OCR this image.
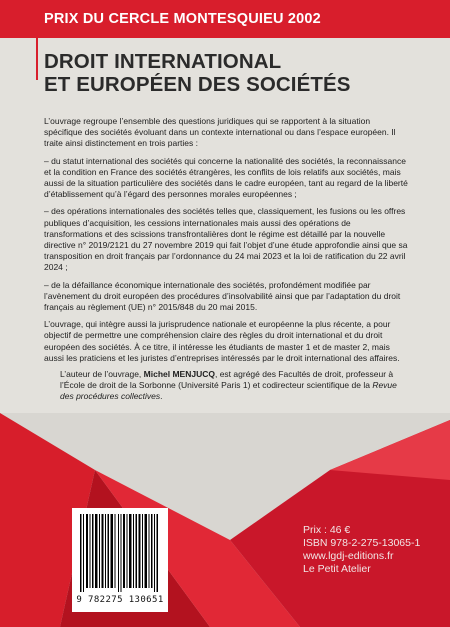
PRIX DU CERCLE MONTESQUIEU 2002
DROIT INTERNATIONAL
ET EUROPÉEN DES SOCIÉTÉS

L’ouvrage regroupe l’ensemble des questions juridiques qui se rapportent à la situation spécifique des sociétés évoluant dans un contexte international ou dans l’espace européen. Il traite ainsi distinctement en trois parties :

– du statut international des sociétés qui concerne la nationalité des sociétés, la reconnaissance et la condition en France des sociétés étrangères, les conflits de lois relatifs aux sociétés, mais aussi de la situation particulière des sociétés dans le cadre européen, tant au regard de la liberté d’établissement qu’à l’égard des personnes morales européennes ;

– des opérations internationales des sociétés telles que, classiquement, les fusions ou les offres publiques d’acquisition, les cessions internationales mais aussi des opérations de transformations et des scissions transfrontalières dont le régime est détaillé par la nouvelle directive n° 2019/2121 du 27 novembre 2019 qui fait l’objet d’une étude approfondie ainsi que sa transposition en droit français par l’ordonnance du 24 mai 2023 et la loi de ratification du 22 avril 2024 ;

– de la défaillance économique internationale des sociétés, profondément modifiée par l’avènement du droit européen des procédures d’insolvabilité ainsi que par l’adaptation du droit français au règlement (UE) n° 2015/848 du 20 mai 2015.

L’ouvrage, qui intègre aussi la jurisprudence nationale et européenne la plus récente, a pour objectif de permettre une compréhension claire des règles du droit international et du droit européen des sociétés. À ce titre, il intéresse les étudiants de master 1 et de master 2, mais aussi les praticiens et les juristes d’entreprises intéressés par le droit international des affaires.

L’auteur de l’ouvrage, Michel MENJUCQ, est agrégé des Facultés de droit, professeur à l’École de droit de la Sorbonne (Université Paris 1) et codirecteur scientifique de la Revue des procédures collectives.
9 782275 130651
Prix : 46 €
ISBN 978-2-275-13065-1
www.lgdj-editions.fr
Le Petit Atelier
